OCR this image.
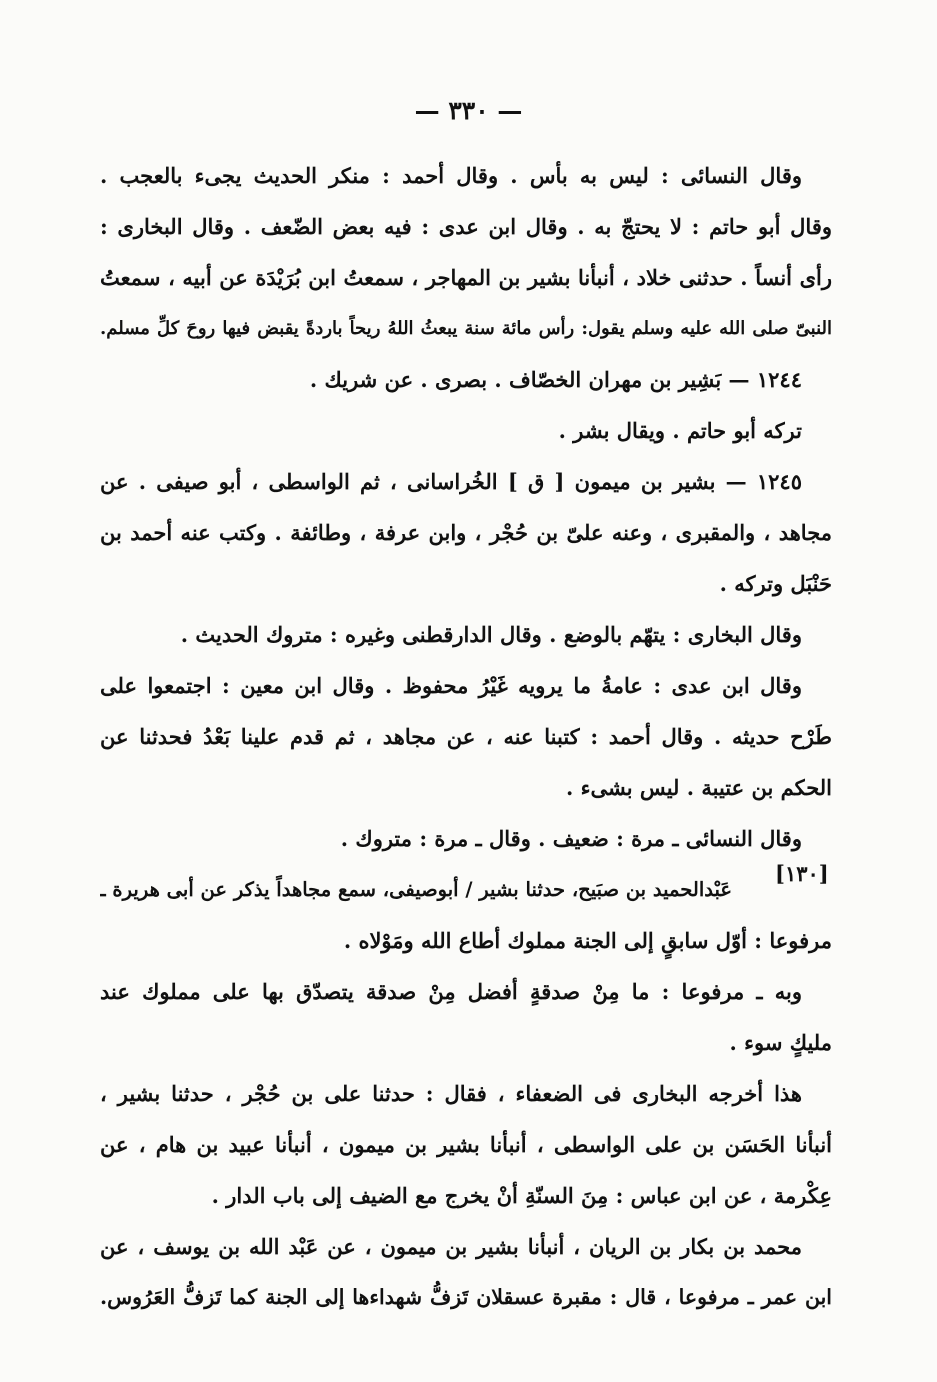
— ٣٣٠ —
[١٣٠]
وقال النسائى : ليس به بأس . وقال أحمد : منكر الحديث يجىء بالعجب .
وقال أبو حاتم : لا يحتجّ به . وقال ابن عدى : فيه بعض الضّعف . وقال البخارى :
رأى أنساً . حدثنى خلاد ، أنبأنا بشير بن المهاجر ، سمعتُ ابن بُرَيْدَة عن أبيه ، سمعتُ
النبىّ صلى الله عليه وسلم يقول: رأس مائة سنة يبعثُ اللهُ ريحاً باردةً يقبض فيها روحَ كلِّ مسلم.
١٢٤٤ — بَشِير بن مهران الخصّاف . بصرى . عن شريك .
تركه أبو حاتم . ويقال بشر .
١٢٤٥ — بشير بن ميمون [ ق ] الخُراسانى ، ثم الواسطى ، أبو صيفى . عن
مجاهد ، والمقبرى ، وعنه علىّ بن حُجْر ، وابن عرفة ، وطائفة . وكتب عنه أحمد بن
حَنْبَل وتركه .
وقال البخارى : يتهّم بالوضع . وقال الدارقطنى وغيره : متروك الحديث .
وقال ابن عدى : عامةُ ما يرويه غَيْرُ محفوظ . وقال ابن معين : اجتمعوا على
طَرْح حديثه . وقال أحمد : كتبنا عنه ، عن مجاهد ، ثم قدم علينا بَعْدُ فحدثنا عن
الحكم بن عتيبة . ليس بشىء .
وقال النسائى ـ مرة : ضعيف . وقال ـ مرة : متروك .
عَبْدالحميد بن صبَيح، حدثنا بشير / أبوصيفى، سمع مجاهداً يذكر عن أبى هريرة ـ
مرفوعا : أوّل سابقٍ إلى الجنة مملوك أطاع الله ومَوْلاه .
وبه ـ مرفوعا : ما مِنْ صدقةٍ أفضل مِنْ صدقة يتصدّق بها على مملوك عند
مليكٍ سوء .
هذا أخرجه البخارى فى الضعفاء ، فقال : حدثنا على بن حُجْر ، حدثنا بشير ،
أنبأنا الحَسَن بن على الواسطى ، أنبأنا بشير بن ميمون ، أنبأنا عبيد بن هام ، عن
عِكْرمة ، عن ابن عباس : مِنَ السنّةِ أنْ يخرج مع الضيف إلى باب الدار .
محمد بن بكار بن الريان ، أنبأنا بشير بن ميمون ، عن عَبْد الله بن يوسف ، عن
ابن عمر ـ مرفوعا ، قال : مقبرة عسقلان تَزفُّ شهداءها إلى الجنة كما تَزفُّ العَرُوس.
